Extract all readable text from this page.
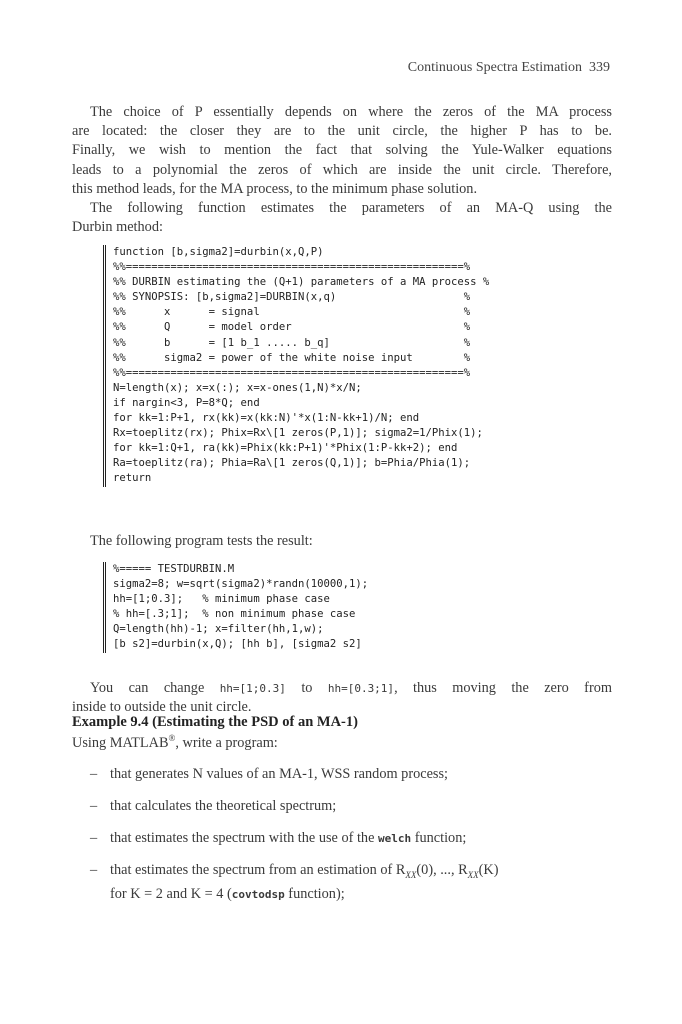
Continuous Spectra Estimation 339
The choice of P essentially depends on where the zeros of the MA process
are located: the closer they are to the unit circle, the higher P has to be.
Finally, we wish to mention the fact that solving the Yule-Walker equations
leads to a polynomial the zeros of which are inside the unit circle. Therefore,
this method leads, for the MA process, to the minimum phase solution.
The following function estimates the parameters of an MA-Q using the
Durbin method:
function [b,sigma2]=durbin(x,Q,P)
%%=====================================================%
%% DURBIN estimating the (Q+1) parameters of a MA process %
%% SYNOPSIS: [b,sigma2]=DURBIN(x,q)                    %
%%      x      = signal                                %
%%      Q      = model order                           %
%%      b      = [1 b_1 ..... b_q]                     %
%%      sigma2 = power of the white noise input        %
%%=====================================================%
N=length(x); x=x(:); x=x-ones(1,N)*x/N;
if nargin<3, P=8*Q; end
for kk=1:P+1, rx(kk)=x(kk:N)'*x(1:N-kk+1)/N; end
Rx=toeplitz(rx); Phix=Rx\[1 zeros(P,1)]; sigma2=1/Phix(1);
for kk=1:Q+1, ra(kk)=Phix(kk:P+1)'*Phix(1:P-kk+2); end
Ra=toeplitz(ra); Phia=Ra\[1 zeros(Q,1)]; b=Phia/Phia(1);
return
The following program tests the result:
%===== TESTDURBIN.M
sigma2=8; w=sqrt(sigma2)*randn(10000,1);
hh=[1;0.3];   % minimum phase case
% hh=[.3;1];  % non minimum phase case
Q=length(hh)-1; x=filter(hh,1,w);
[b s2]=durbin(x,Q); [hh b], [sigma2 s2]
You can change hh=[1;0.3] to hh=[0.3;1], thus moving the zero from
inside to outside the unit circle.
Example 9.4 (Estimating the PSD of an MA-1)
Using MATLAB®, write a program:
– that generates N values of an MA-1, WSS random process;
– that calculates the theoretical spectrum;
– that estimates the spectrum with the use of the welch function;
– that estimates the spectrum from an estimation of $R_{XX}(0)$, ..., $R_{XX}(K)$
for K = 2 and K = 4 (covtodsp function);
